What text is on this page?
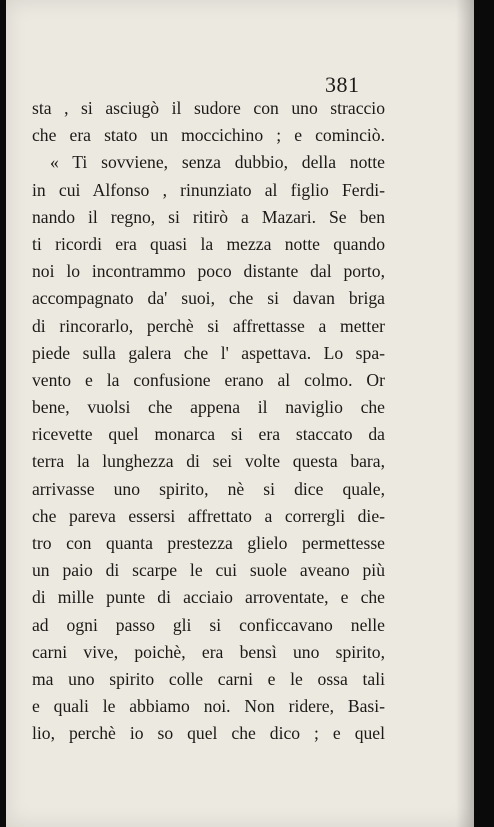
381
sta , si asciugò il sudore con uno straccio
che era stato un moccichino ; e cominciò.
« Ti sovviene, senza dubbio, della notte
in cui Alfonso , rinunziato al figlio Ferdi-
nando il regno, si ritirò a Mazari. Se ben
ti ricordi era quasi la mezza notte quando
noi lo incontrammo poco distante dal porto,
accompagnato da' suoi, che si davan briga
di rincorarlo, perchè si affrettasse a metter
piede sulla galera che l' aspettava. Lo spa-
vento e la confusione erano al colmo. Or
bene, vuolsi che appena il naviglio che
ricevette quel monarca si era staccato da
terra la lunghezza di sei volte questa bara,
arrivasse uno spirito, nè si dice quale,
che pareva essersi affrettato a corrergli die-
tro con quanta prestezza glielo permettesse
un paio di scarpe le cui suole aveano più
di mille punte di acciaio arroventate, e che
ad ogni passo gli si conficcavano nelle
carni vive, poichè, era bensì uno spirito,
ma uno spirito colle carni e le ossa tali
e quali le abbiamo noi. Non ridere, Basi-
lio, perchè io so quel che dico ; e quel
